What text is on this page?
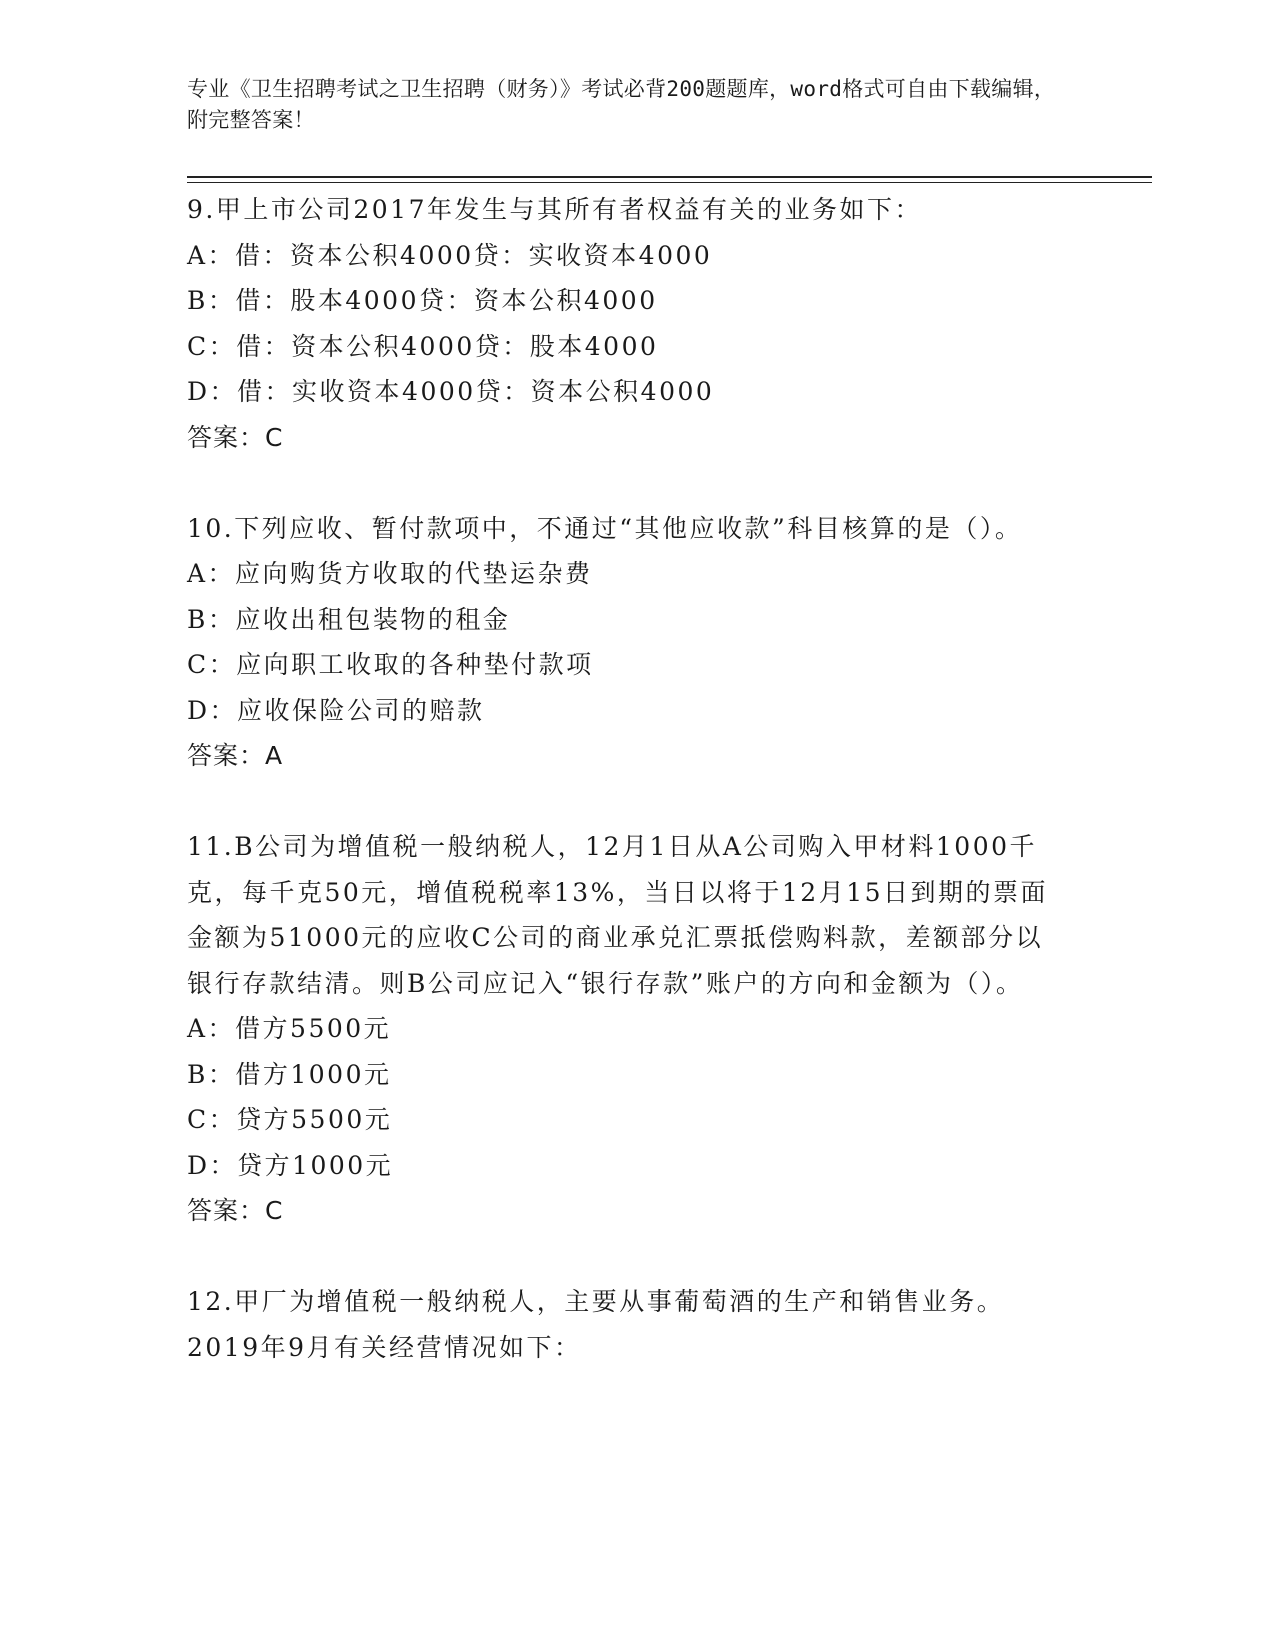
专业《卫生招聘考试之卫生招聘（财务）》考试必背200题题库，word格式可自由下载编辑，附完整答案！
9.甲上市公司2017年发生与其所有者权益有关的业务如下：
A：借：资本公积4000贷：实收资本4000
B：借：股本4000贷：资本公积4000
C：借：资本公积4000贷：股本4000
D：借：实收资本4000贷：资本公积4000
答案：C
10.下列应收、暂付款项中，不通过“其他应收款”科目核算的是（）。
A：应向购货方收取的代垫运杂费
B：应收出租包装物的租金
C：应向职工收取的各种垫付款项
D：应收保险公司的赔款
答案：A
11.B公司为增值税一般纳税人，12月1日从A公司购入甲材料1000千克，每千克50元，增值税税率13%，当日以将于12月15日到期的票面金额为51000元的应收C公司的商业承兑汇票抵偿购料款，差额部分以银行存款结清。则B公司应记入“银行存款”账户的方向和金额为（）。
A：借方5500元
B：借方1000元
C：贷方5500元
D：贷方1000元
答案：C
12.甲厂为增值税一般纳税人，主要从事葡萄酒的生产和销售业务。2019年9月有关经营情况如下：
